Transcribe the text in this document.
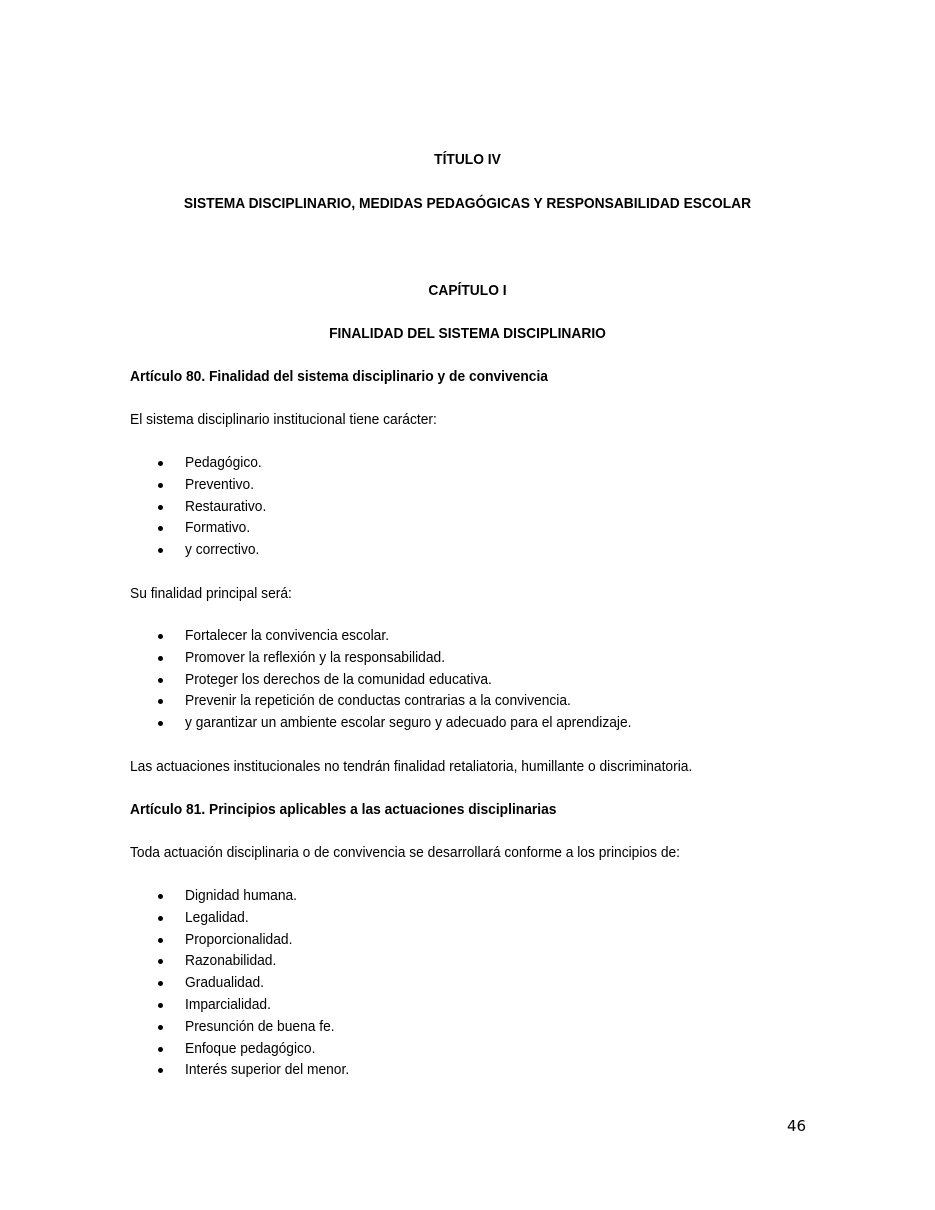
TÍTULO IV
SISTEMA DISCIPLINARIO, MEDIDAS PEDAGÓGICAS Y RESPONSABILIDAD ESCOLAR
CAPÍTULO I
FINALIDAD DEL SISTEMA DISCIPLINARIO
Artículo 80. Finalidad del sistema disciplinario y de convivencia
El sistema disciplinario institucional tiene carácter:
Pedagógico.
Preventivo.
Restaurativo.
Formativo.
y correctivo.
Su finalidad principal será:
Fortalecer la convivencia escolar.
Promover la reflexión y la responsabilidad.
Proteger los derechos de la comunidad educativa.
Prevenir la repetición de conductas contrarias a la convivencia.
y garantizar un ambiente escolar seguro y adecuado para el aprendizaje.
Las actuaciones institucionales no tendrán finalidad retaliatoria, humillante o discriminatoria.
Artículo 81. Principios aplicables a las actuaciones disciplinarias
Toda actuación disciplinaria o de convivencia se desarrollará conforme a los principios de:
Dignidad humana.
Legalidad.
Proporcionalidad.
Razonabilidad.
Gradualidad.
Imparcialidad.
Presunción de buena fe.
Enfoque pedagógico.
Interés superior del menor.
46
